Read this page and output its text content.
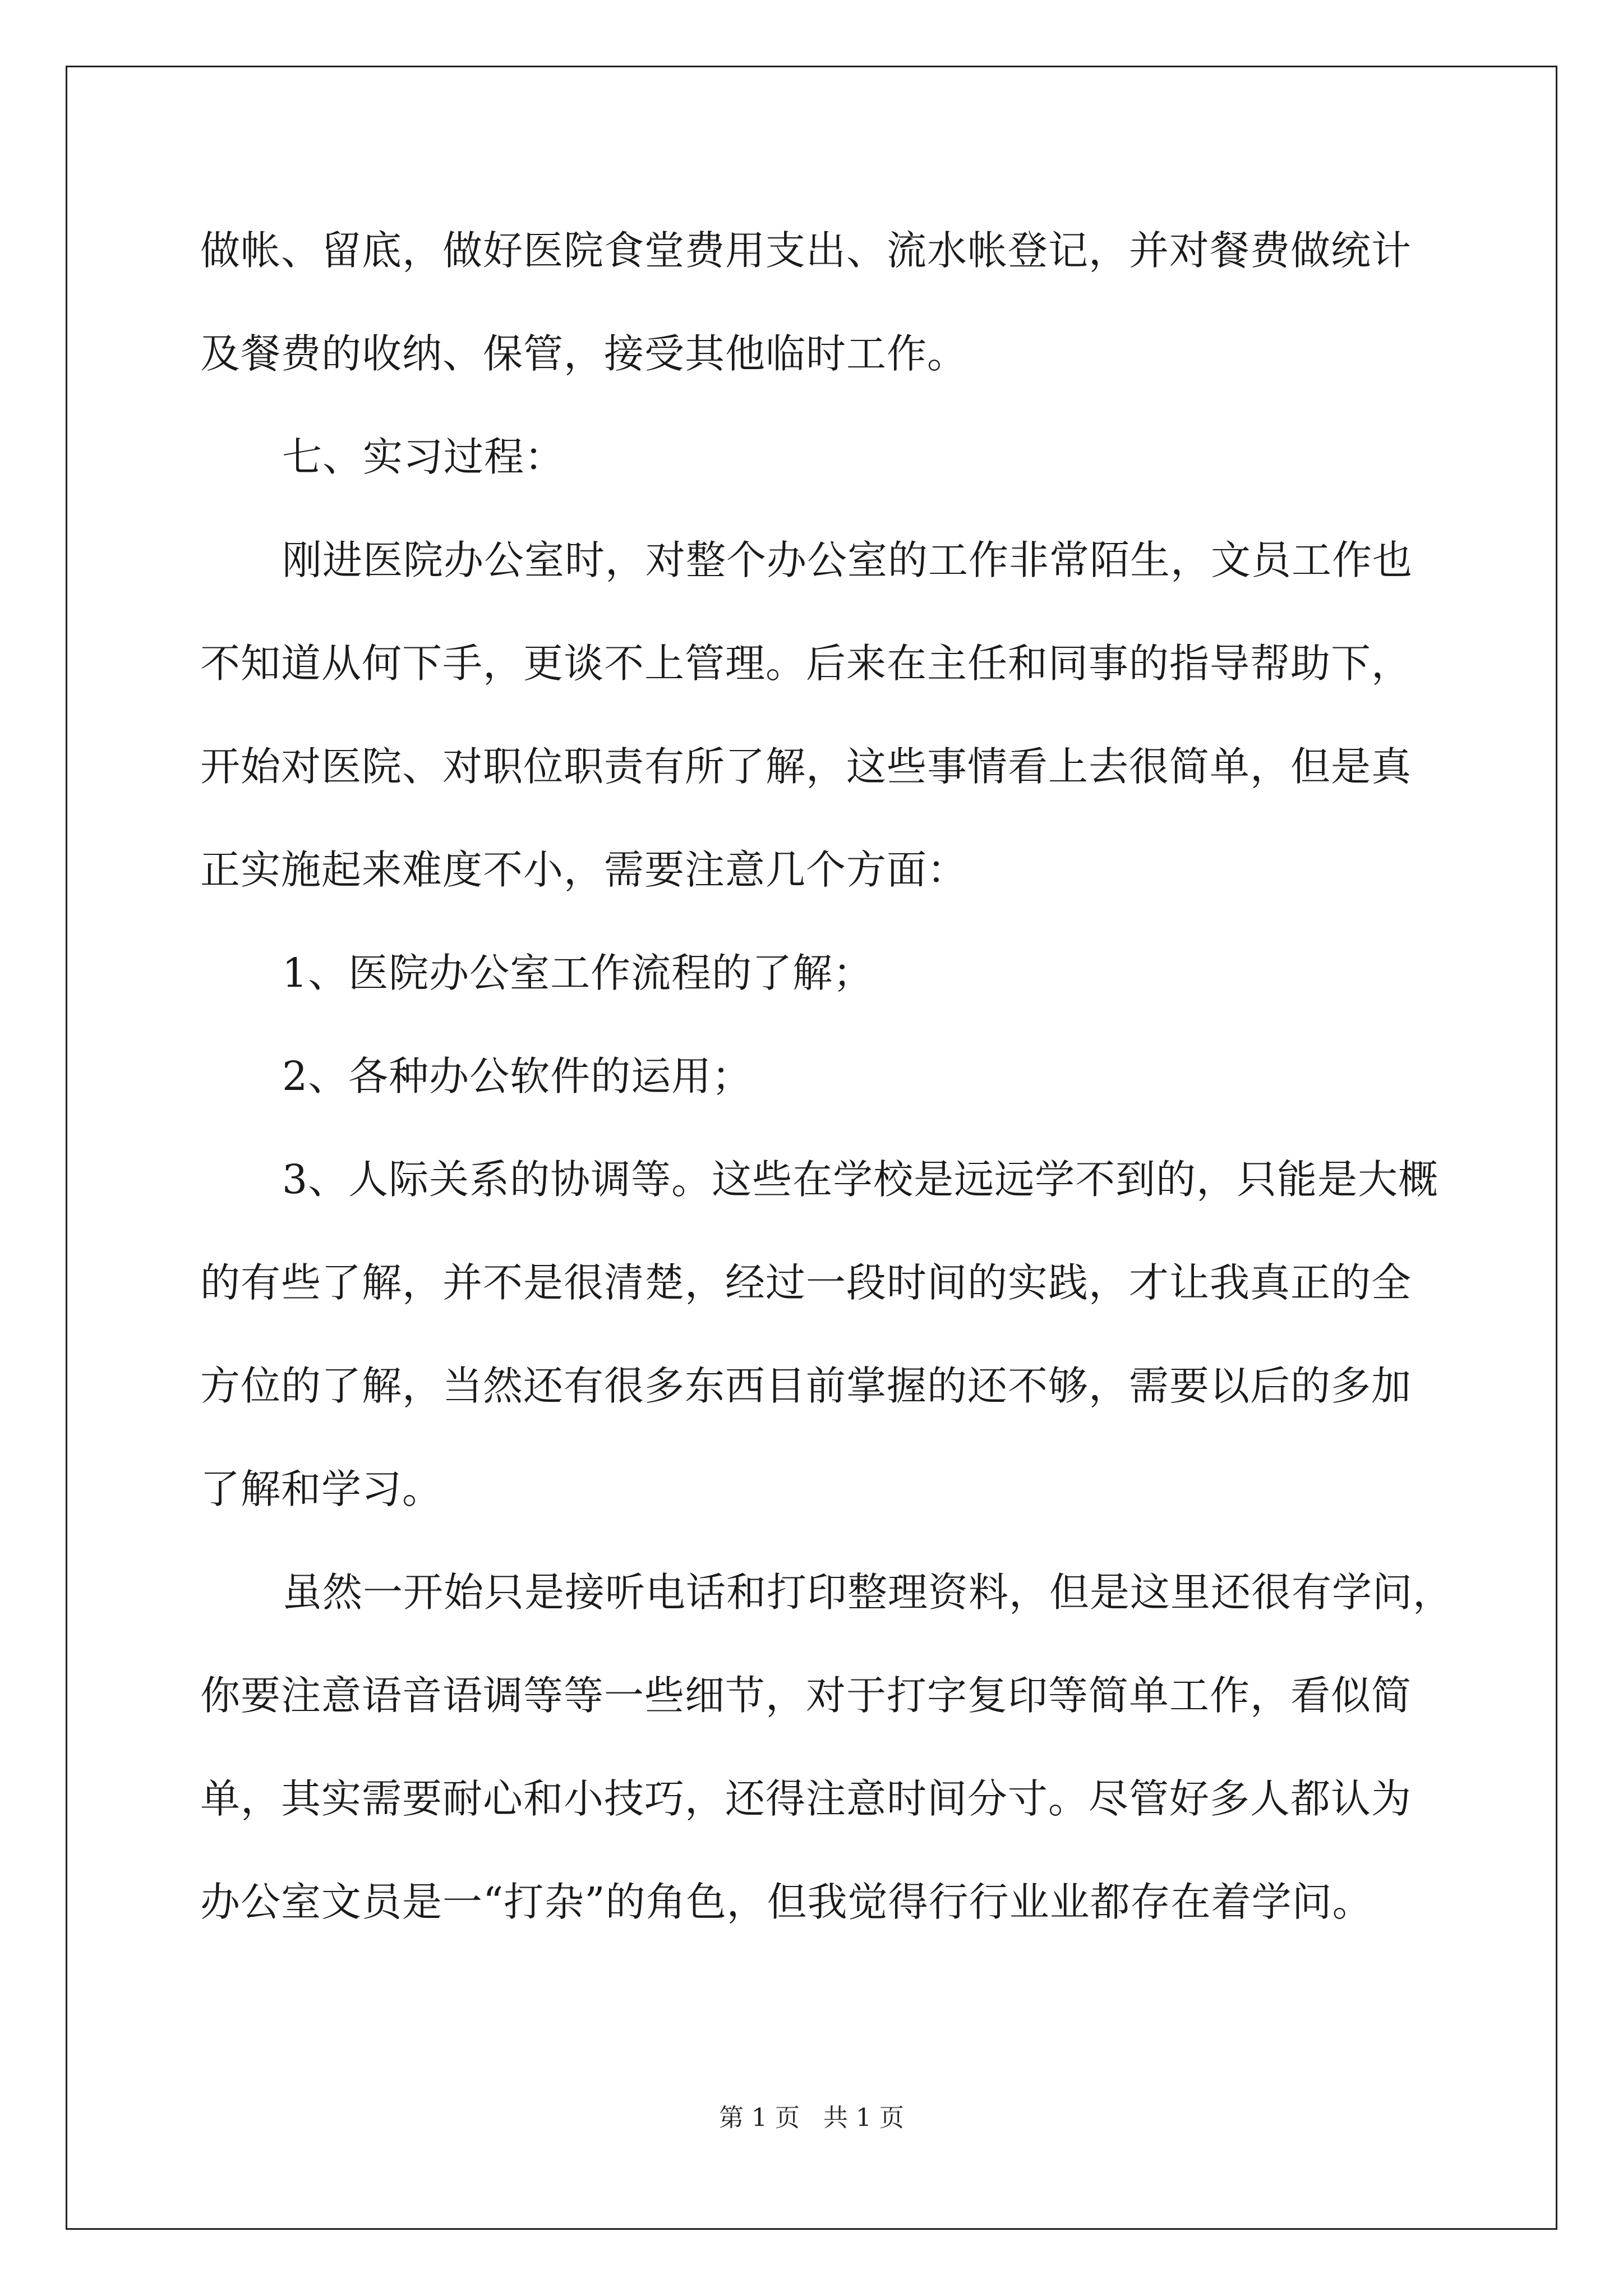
做帐、留底，做好医院食堂费用支出、流水帐登记，并对餐费做统计
及餐费的收纳、保管，接受其他临时工作。
七、实习过程：
刚进医院办公室时，对整个办公室的工作非常陌生，文员工作也
不知道从何下手，更谈不上管理。后来在主任和同事的指导帮助下，
开始对医院、对职位职责有所了解，这些事情看上去很简单，但是真
正实施起来难度不小，需要注意几个方面：
1、医院办公室工作流程的了解；
2、各种办公软件的运用；
3、人际关系的协调等。这些在学校是远远学不到的，只能是大概
的有些了解，并不是很清楚，经过一段时间的实践，才让我真正的全
方位的了解，当然还有很多东西目前掌握的还不够，需要以后的多加
了解和学习。
虽然一开始只是接听电话和打印整理资料，但是这里还很有学问，
你要注意语音语调等等一些细节，对于打字复印等简单工作，看似简
单，其实需要耐心和小技巧，还得注意时间分寸。尽管好多人都认为
办公室文员是一“打杂”的角色，但我觉得行行业业都存在着学问。
第 1 页   共 1 页
